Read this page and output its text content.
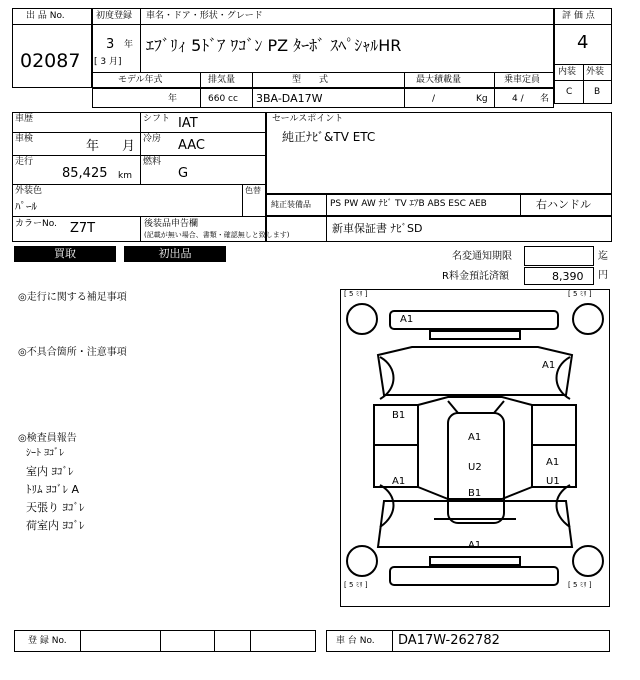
出 品 No.
02087
初度登録 車名・ドア・形状・グレード
3 年
[ 3 月]
ｴﾌﾞﾘｨ 5ﾄﾞｱ ﾜｺﾞﾝ PZ ﾀｰﾎﾞ ｽﾍﾟｼｬﾙHR
評 価 点
4
内装 外装
C B
モデル年式
年
排気量
660 cc
型　　式
3BA-DA17W
最大積載量
/	Kg
乗車定員
4 / 名
車歴	シフト IAT
車検	年 月 冷房 AAC
走行
85,425 km
燃料
G
外装色
ﾊﾟｰﾙ
色替
カラーNo. Z7T	後装品申告欄
(記載が無い場合、書類・確認無しと致します)
セールスポイント
純正ﾅﾋﾞ&TV ETC
純正装備品 PS PW AW ﾅﾋﾞ TV ｴｱB ABS ESC AEB	右ハンドル
新車保証書 ﾅﾋﾞSD
買取	初出品	名変通知期限	迄
R料金預託済額	8,390 円
◎走行に関する補足事項
◎不具合箇所・注意事項
◎検査員報告
ｼｰﾄ ﾖｺﾞﾚ
室内 ﾖｺﾞﾚ
ﾄﾘﾑ ﾖｺﾞﾚ A
天張り ﾖｺﾞﾚ
荷室内 ﾖｺﾞﾚ
[ 5 ﾐﾘ ]	[ 5 ﾐﾘ ]
[ 5 ﾐﾘ ]	[ 5 ﾐﾘ ]
A1
A1
B1
A1
U2
B1
A1
U1
A1
A1
登 録 No.	車 台 No. DA17W-262782
